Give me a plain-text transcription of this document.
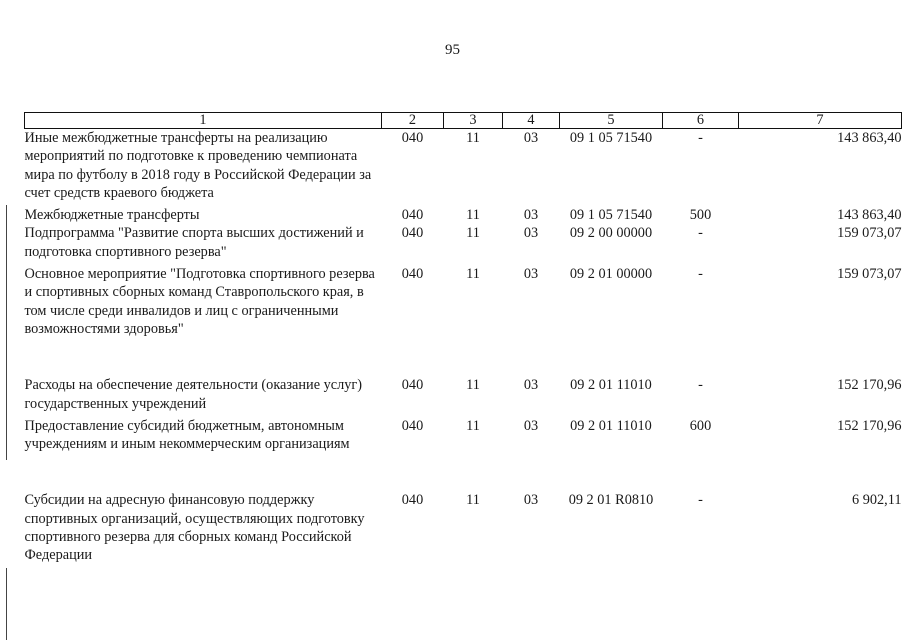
95
1	2	3	4	5	6	7
Иные межбюджетные трансферты на реализацию мероприятий по подготовке к проведению чемпионата мира по футболу в 2018 году в Российской Федерации за счет средств краевого бюджета	040	11	03	09 1 05 71540	-	143 863,40
Межбюджетные трансферты	040	11	03	09 1 05 71540	500	143 863,40
Подпрограмма "Развитие спорта высших достижений и подготовка спортивного резерва"	040	11	03	09 2 00 00000	-	159 073,07
Основное мероприятие "Подготовка спортивного резерва и спортивных сборных команд Ставропольского края, в том числе среди инвалидов и лиц с ограниченными возможностями здоровья"	040	11	03	09 2 01 00000	-	159 073,07
Расходы на обеспечение деятельности (оказание услуг) государственных учреждений	040	11	03	09 2 01 11010	-	152 170,96
Предоставление субсидий бюджетным, автономным учреждениям и иным некоммерческим организациям	040	11	03	09 2 01 11010	600	152 170,96
Субсидии на адресную финансовую поддержку спортивных организаций, осуществляющих подготовку спортивного резерва для сборных команд Российской Федерации	040	11	03	09 2 01 R0810	-	6 902,11
